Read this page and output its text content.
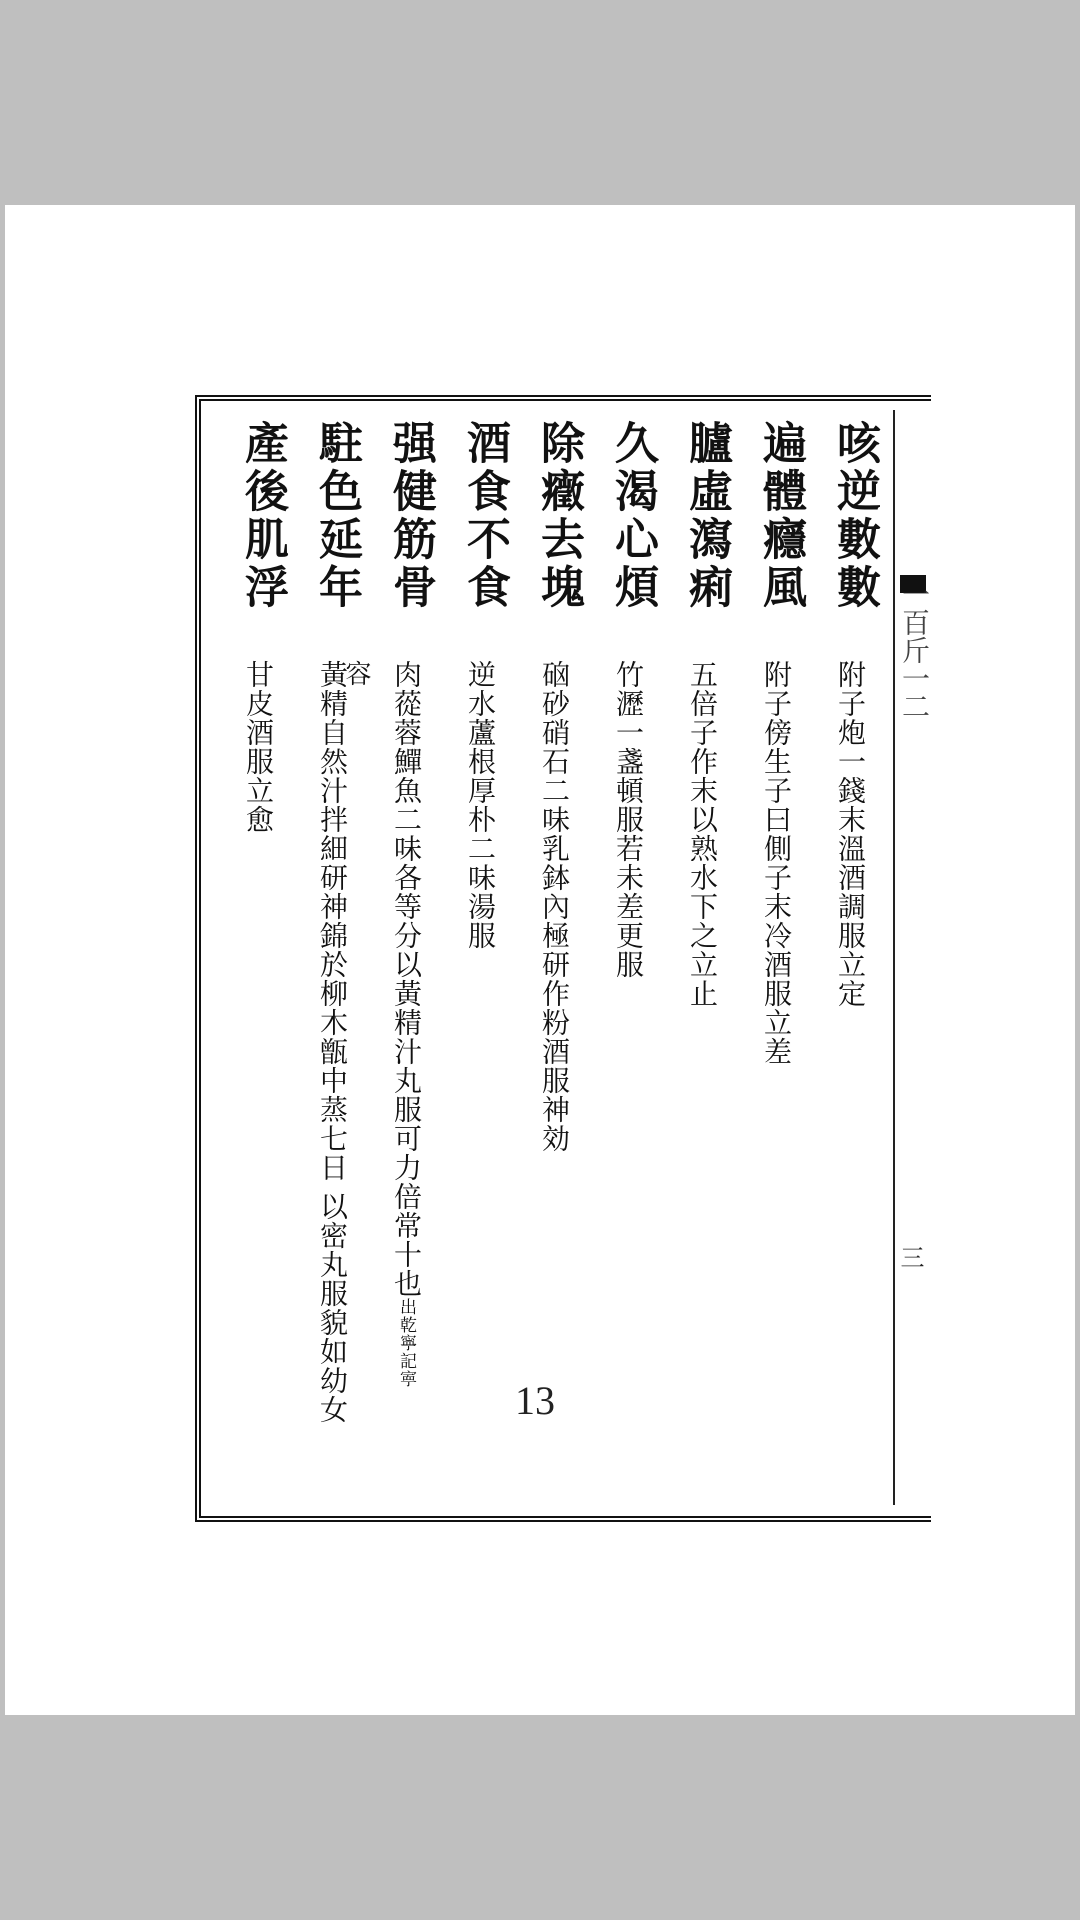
一百斤一二
三
咳逆數數
附子炮一錢末溫酒調服立定
遍體癮風
附子傍生子曰側子末冷酒服立差
臚虛瀉痢
五倍子作末以熟水下之立止
久渴心煩
竹瀝一盞頓服若未差更服
除癥去塊
硇砂硝石二味乳鉢內極研作粉酒服神効
酒食不食
逆水蘆根厚朴二味湯服
强健筋骨
肉蓯蓉鱓魚二味各等分以黃精汁丸服可力倍常十也出乾寧記寕
駐色延年
黃精自然汁拌細研神錦於柳木甑中蒸七日 以密丸服貌如幼女
容
產後肌浮
甘皮酒服立愈
13
